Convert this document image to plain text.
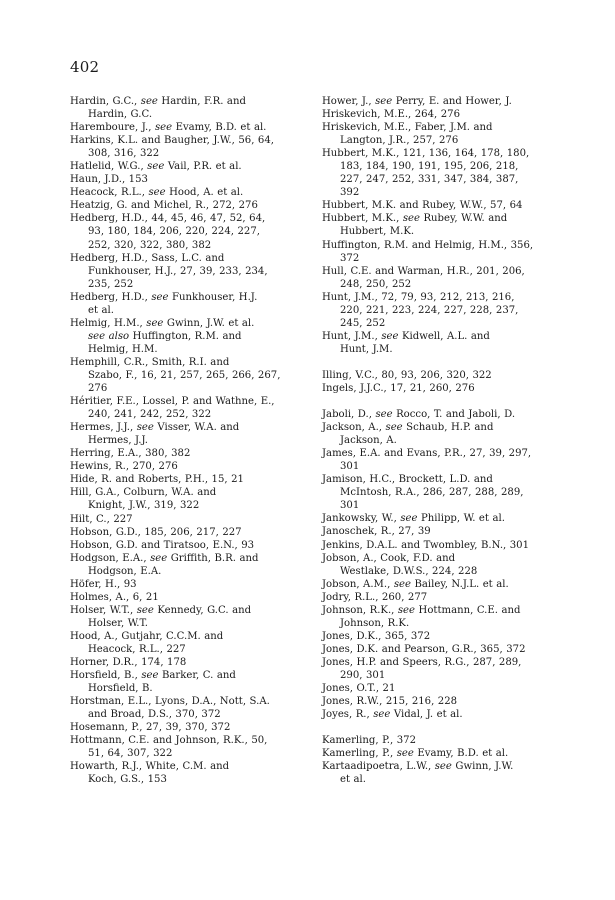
402
Hardin, G.C., see Hardin, F.R. and
Hardin, G.C.
Haremboure, J., see Evamy, B.D. et al.
Harkins, K.L. and Baugher, J.W., 56, 64,
308, 316, 322
Hatlelid, W.G., see Vail, P.R. et al.
Haun, J.D., 153
Heacock, R.L., see Hood, A. et al.
Heatzig, G. and Michel, R., 272, 276
Hedberg, H.D., 44, 45, 46, 47, 52, 64,
93, 180, 184, 206, 220, 224, 227,
252, 320, 322, 380, 382
Hedberg, H.D., Sass, L.C. and
Funkhouser, H.J., 27, 39, 233, 234,
235, 252
Hedberg, H.D., see Funkhouser, H.J.
et al.
Helmig, H.M., see Gwinn, J.W. et al.
see also Huffington, R.M. and
Helmig, H.M.
Hemphill, C.R., Smith, R.I. and
Szabo, F., 16, 21, 257, 265, 266, 267,
276
Héritier, F.E., Lossel, P. and Wathne, E.,
240, 241, 242, 252, 322
Hermes, J.J., see Visser, W.A. and
Hermes, J.J.
Herring, E.A., 380, 382
Hewins, R., 270, 276
Hide, R. and Roberts, P.H., 15, 21
Hill, G.A., Colburn, W.A. and
Knight, J.W., 319, 322
Hilt, C., 227
Hobson, G.D., 185, 206, 217, 227
Hobson, G.D. and Tiratsoo, E.N., 93
Hodgson, E.A., see Griffith, B.R. and
Hodgson, E.A.
Höfer, H., 93
Holmes, A., 6, 21
Holser, W.T., see Kennedy, G.C. and
Holser, W.T.
Hood, A., Gutjahr, C.C.M. and
Heacock, R.L., 227
Horner, D.R., 174, 178
Horsfield, B., see Barker, C. and
Horsfield, B.
Horstman, E.L., Lyons, D.A., Nott, S.A.
and Broad, D.S., 370, 372
Hosemann, P., 27, 39, 370, 372
Hottmann, C.E. and Johnson, R.K., 50,
51, 64, 307, 322
Howarth, R.J., White, C.M. and
Koch, G.S., 153
Hower, J., see Perry, E. and Hower, J.
Hriskevich, M.E., 264, 276
Hriskevich, M.E., Faber, J.M. and
Langton, J.R., 257, 276
Hubbert, M.K., 121, 136, 164, 178, 180,
183, 184, 190, 191, 195, 206, 218,
227, 247, 252, 331, 347, 384, 387,
392
Hubbert, M.K. and Rubey, W.W., 57, 64
Hubbert, M.K., see Rubey, W.W. and
Hubbert, M.K.
Huffington, R.M. and Helmig, H.M., 356,
372
Hull, C.E. and Warman, H.R., 201, 206,
248, 250, 252
Hunt, J.M., 72, 79, 93, 212, 213, 216,
220, 221, 223, 224, 227, 228, 237,
245, 252
Hunt, J.M., see Kidwell, A.L. and
Hunt, J.M.
Illing, V.C., 80, 93, 206, 320, 322
Ingels, J.J.C., 17, 21, 260, 276
Jaboli, D., see Rocco, T. and Jaboli, D.
Jackson, A., see Schaub, H.P. and
Jackson, A.
James, E.A. and Evans, P.R., 27, 39, 297,
301
Jamison, H.C., Brockett, L.D. and
McIntosh, R.A., 286, 287, 288, 289,
301
Jankowsky, W., see Philipp, W. et al.
Janoschek, R., 27, 39
Jenkins, D.A.L. and Twombley, B.N., 301
Jobson, A., Cook, F.D. and
Westlake, D.W.S., 224, 228
Jobson, A.M., see Bailey, N.J.L. et al.
Jodry, R.L., 260, 277
Johnson, R.K., see Hottmann, C.E. and
Johnson, R.K.
Jones, D.K., 365, 372
Jones, D.K. and Pearson, G.R., 365, 372
Jones, H.P. and Speers, R.G., 287, 289,
290, 301
Jones, O.T., 21
Jones, R.W., 215, 216, 228
Joyes, R., see Vidal, J. et al.
Kamerling, P., 372
Kamerling, P., see Evamy, B.D. et al.
Kartaadipoetra, L.W., see Gwinn, J.W.
et al.
